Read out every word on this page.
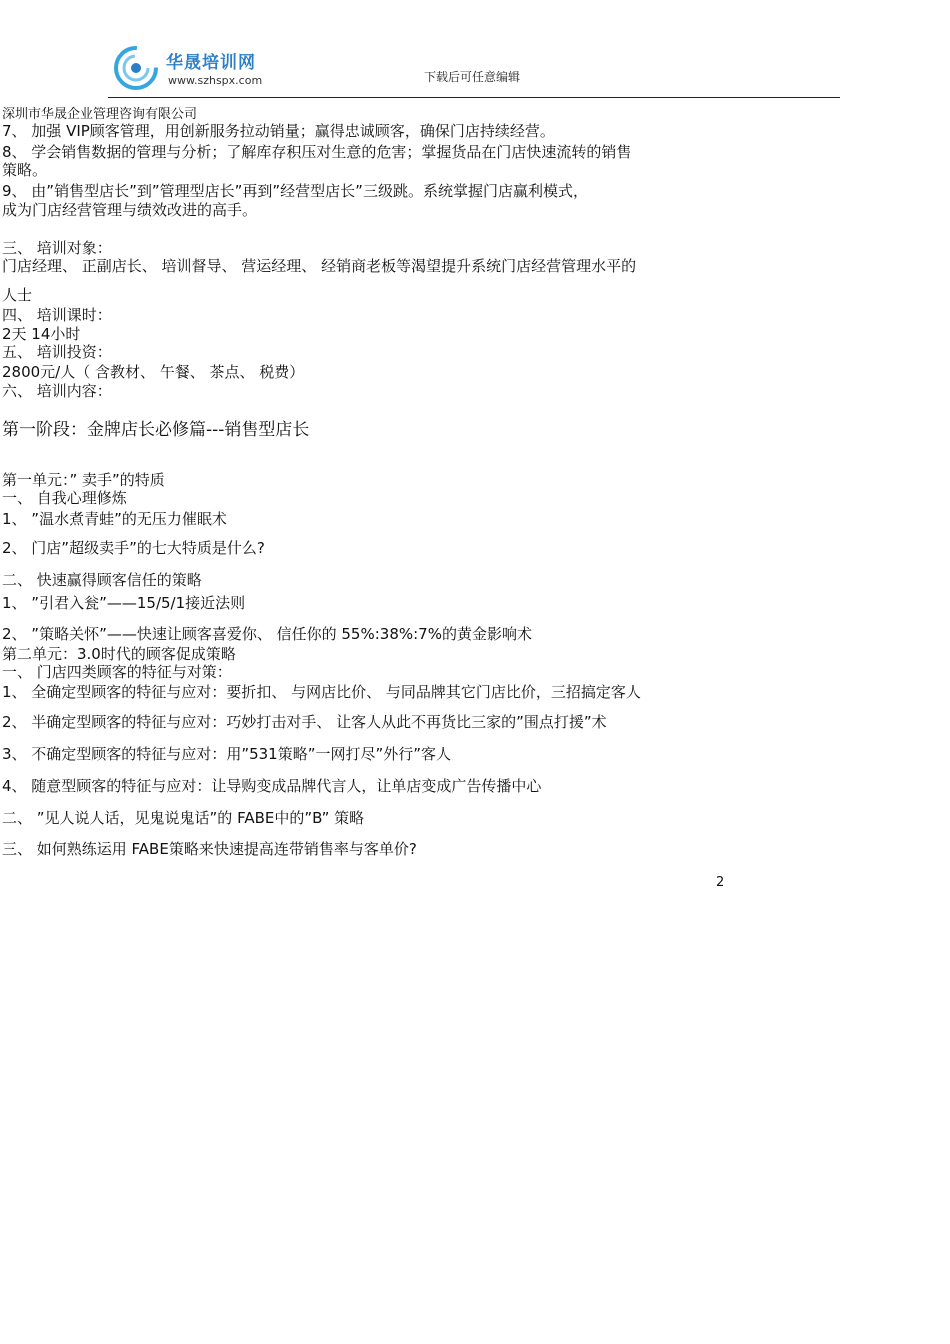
华晟培训网
www.szhspx.com	下载后可任意编辑
深圳市华晟企业管理咨询有限公司
7、 加强 VIP顾客管理，用创新服务拉动销量；赢得忠诚顾客，确保门店持续经营。
8、 学会销售数据的管理与分析；了解库存积压对生意的危害；掌握货品在门店快速流转的销售
策略。
9、 由”销售型店长”到”管理型店长”再到”经营型店长”三级跳。系统掌握门店赢利模式，
成为门店经营管理与绩效改进的高手。
三、 培训对象：
门店经理、 正副店长、 培训督导、 营运经理、 经销商老板等渴望提升系统门店经营管理水平的
人士
四、 培训课时：
2天 14小时
五、 培训投资：
2800元/人（ 含教材、 午餐、 茶点、 税费）
六、 培训内容：
第一阶段：金牌店长必修篇---销售型店长
第一单元：” 卖手”的特质
一、 自我心理修炼
1、 ”温水煮青蛙”的无压力催眠术
2、 门店”超级卖手”的七大特质是什么?
二、 快速赢得顾客信任的策略
1、 ”引君入瓮”——15/5/1接近法则
2、 ”策略关怀”——快速让顾客喜爱你、 信任你的 55%:38%:7%的黄金影响术
第二单元：3.0时代的顾客促成策略
一、 门店四类顾客的特征与对策：
1、 全确定型顾客的特征与应对：要折扣、 与网店比价、 与同品牌其它门店比价，三招搞定客人
2、 半确定型顾客的特征与应对：巧妙打击对手、 让客人从此不再货比三家的”围点打援”术
3、 不确定型顾客的特征与应对：用”531策略”一网打尽”外行”客人
4、 随意型顾客的特征与应对：让导购变成品牌代言人，让单店变成广告传播中心
二、 ”见人说人话，见鬼说鬼话”的 FABE中的”B” 策略
三、 如何熟练运用 FABE策略来快速提高连带销售率与客单价?
2
